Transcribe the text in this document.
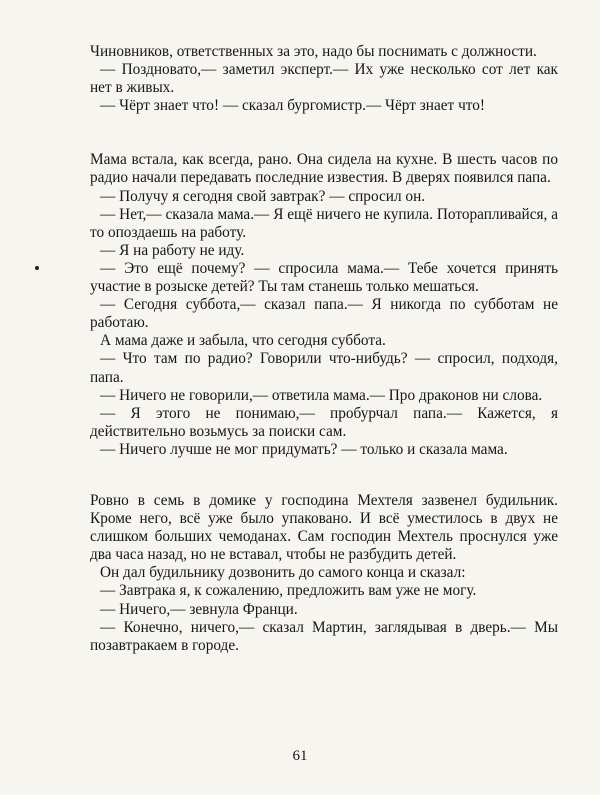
Чиновников, ответственных за это, надо бы поснимать с должности.

— Поздновато,— заметил эксперт.— Их уже несколько сот лет как нет в живых.

— Чёрт знает что! — сказал бургомистр.— Чёрт знает что!

Мама встала, как всегда, рано. Она сидела на кухне. В шесть часов по радио начали передавать последние известия. В дверях появился папа.

— Получу я сегодня свой завтрак? — спросил он.

— Нет,— сказала мама.— Я ещё ничего не купила. Поторапливайся, а то опоздаешь на работу.

— Я на работу не иду.

— Это ещё почему? — спросила мама.— Тебе хочется принять участие в розыске детей? Ты там станешь только мешаться.

— Сегодня суббота,— сказал папа.— Я никогда по субботам не работаю.

А мама даже и забыла, что сегодня суббота.

— Что там по радио? Говорили что-нибудь? — спросил, подходя, папа.

— Ничего не говорили,— ответила мама.— Про драконов ни слова.

— Я этого не понимаю,— пробурчал папа.— Кажется, я действительно возьмусь за поиски сам.

— Ничего лучше не мог придумать? — только и сказала мама.

Ровно в семь в домике у господина Мехтеля зазвенел будильник. Кроме него, всё уже было упаковано. И всё уместилось в двух не слишком больших чемоданах. Сам господин Мехтель проснулся уже два часа назад, но не вставал, чтобы не разбудить детей.

Он дал будильнику дозвонить до самого конца и сказал:

— Завтрака я, к сожалению, предложить вам уже не могу.

— Ничего,— зевнула Франци.

— Конечно, ничего,— сказал Мартин, заглядывая в дверь.— Мы позавтракаем в городе.

61
